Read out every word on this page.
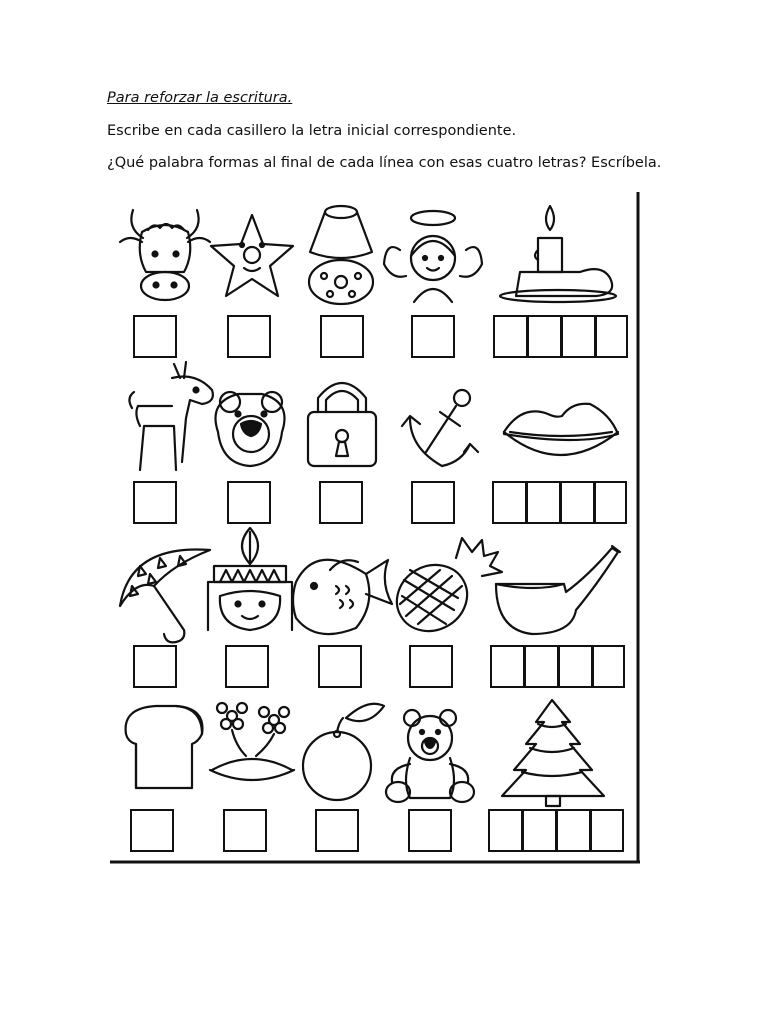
Para reforzar la escritura.
Escribe en cada casillero la letra inicial correspondiente.
¿Qué palabra formas al final de cada línea con esas cuatro letras? Escríbela.
